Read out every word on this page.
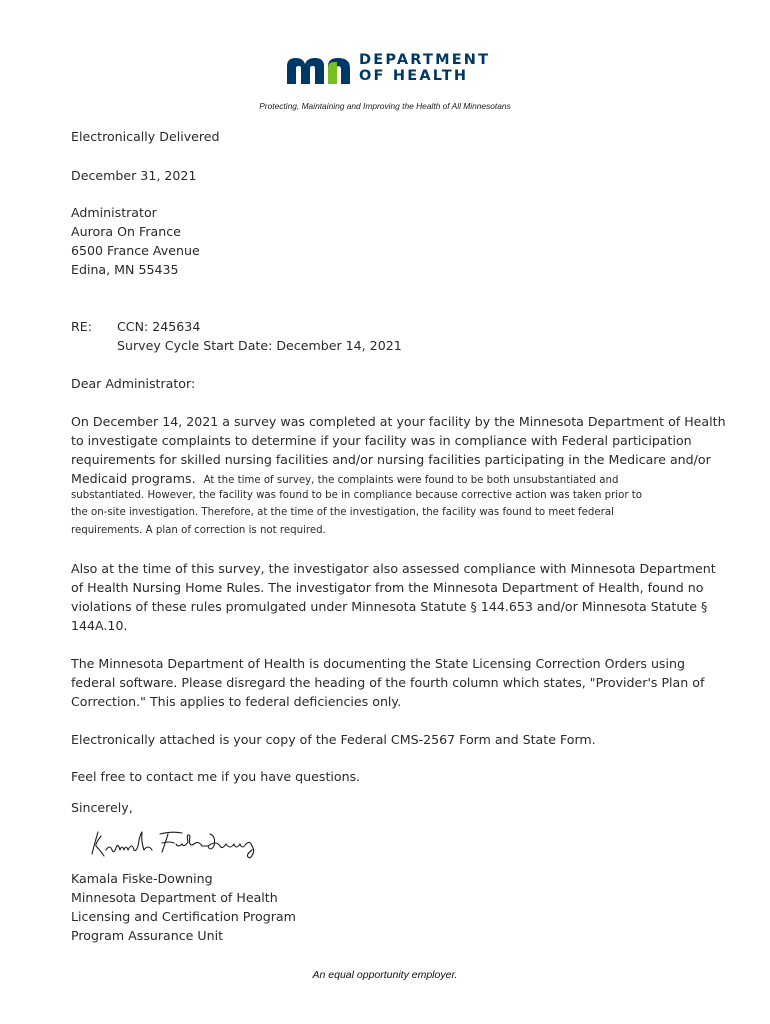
DEPARTMENT
OF HEALTH
Protecting, Maintaining and Improving the Health of All Minnesotans
Electronically Delivered
December 31, 2021
Administrator
Aurora On France
6500 France Avenue
Edina, MN 55435
RE: CCN: 245634
Survey Cycle Start Date: December 14, 2021
Dear Administrator:
On December 14, 2021 a survey was completed at your facility by the Minnesota Department of Health
to investigate complaints to determine if your facility was in compliance with Federal participation
requirements for skilled nursing facilities and/or nursing facilities participating in the Medicare and/or
Medicaid programs. At the time of survey, the complaints were found to be both unsubstantiated and
substantiated. However, the facility was found to be in compliance because corrective action was taken prior to
the on-site investigation. Therefore, at the time of the investigation, the facility was found to meet federal
requirements. A plan of correction is not required.
Also at the time of this survey, the investigator also assessed compliance with Minnesota Department
of Health Nursing Home Rules. The investigator from the Minnesota Department of Health, found no
violations of these rules promulgated under Minnesota Statute § 144.653 and/or Minnesota Statute §
144A.10.
The Minnesota Department of Health is documenting the State Licensing Correction Orders using
federal software. Please disregard the heading of the fourth column which states, "Provider's Plan of
Correction." This applies to federal deficiencies only.
Electronically attached is your copy of the Federal CMS-2567 Form and State Form.
Feel free to contact me if you have questions.
Sincerely,
Kamala Fiske-Downing
Minnesota Department of Health
Licensing and Certification Program
Program Assurance Unit
An equal opportunity employer.
